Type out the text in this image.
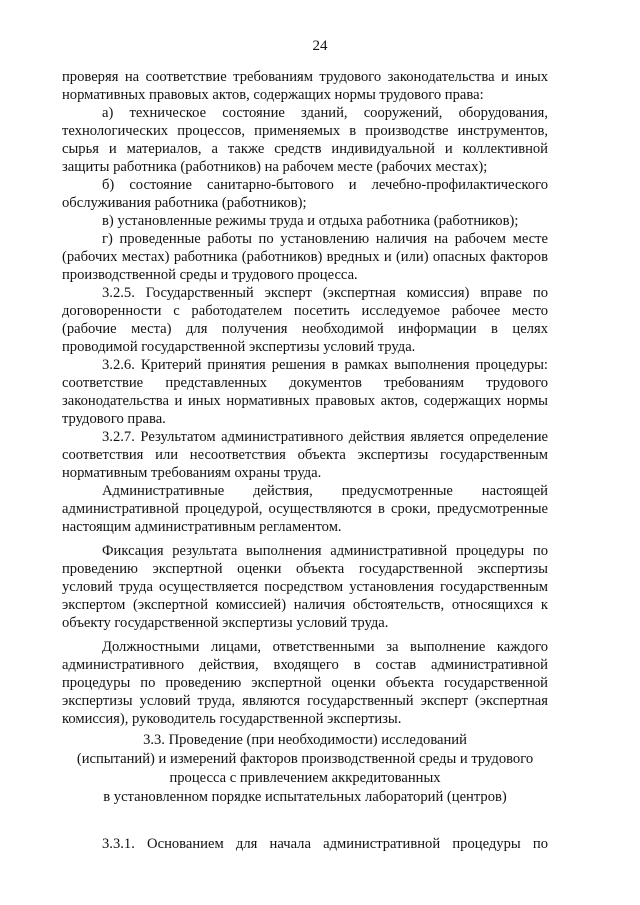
24

проверяя на соответствие требованиям трудового законодательства и иных нормативных правовых актов, содержащих нормы трудового права:

а) техническое состояние зданий, сооружений, оборудования, технологических процессов, применяемых в производстве инструментов, сырья и материалов, а также средств индивидуальной и коллективной защиты работника (работников) на рабочем месте (рабочих местах);

б) состояние санитарно-бытового и лечебно-профилактического обслуживания работника (работников);

в) установленные режимы труда и отдыха работника (работников);

г) проведенные работы по установлению наличия на рабочем месте (рабочих местах) работника (работников) вредных и (или) опасных факторов производственной среды и трудового процесса.

3.2.5. Государственный эксперт (экспертная комиссия) вправе по договоренности с работодателем посетить исследуемое рабочее место (рабочие места) для получения необходимой информации в целях проводимой государственной экспертизы условий труда.

3.2.6. Критерий принятия решения в рамках выполнения процедуры: соответствие представленных документов требованиям трудового законодательства и иных нормативных правовых актов, содержащих нормы трудового права.

3.2.7. Результатом административного действия является определение соответствия или несоответствия объекта экспертизы государственным нормативным требованиям охраны труда.

Административные действия, предусмотренные настоящей административной процедурой, осуществляются в сроки, предусмотренные настоящим административным регламентом.

Фиксация результата выполнения административной процедуры по проведению экспертной оценки объекта государственной экспертизы условий труда осуществляется посредством установления государственным экспертом (экспертной комиссией) наличия обстоятельств, относящихся к объекту государственной экспертизы условий труда.

Должностными лицами, ответственными за выполнение каждого административного действия, входящего в состав административной процедуры по проведению экспертной оценки объекта государственной экспертизы условий труда, являются государственный эксперт (экспертная комиссия), руководитель государственной экспертизы.

3.3. Проведение (при необходимости) исследований
(испытаний) и измерений факторов производственной среды и трудового
процесса с привлечением аккредитованных
в установленном порядке испытательных лабораторий (центров)

3.3.1. Основанием для начала административной процедуры по
